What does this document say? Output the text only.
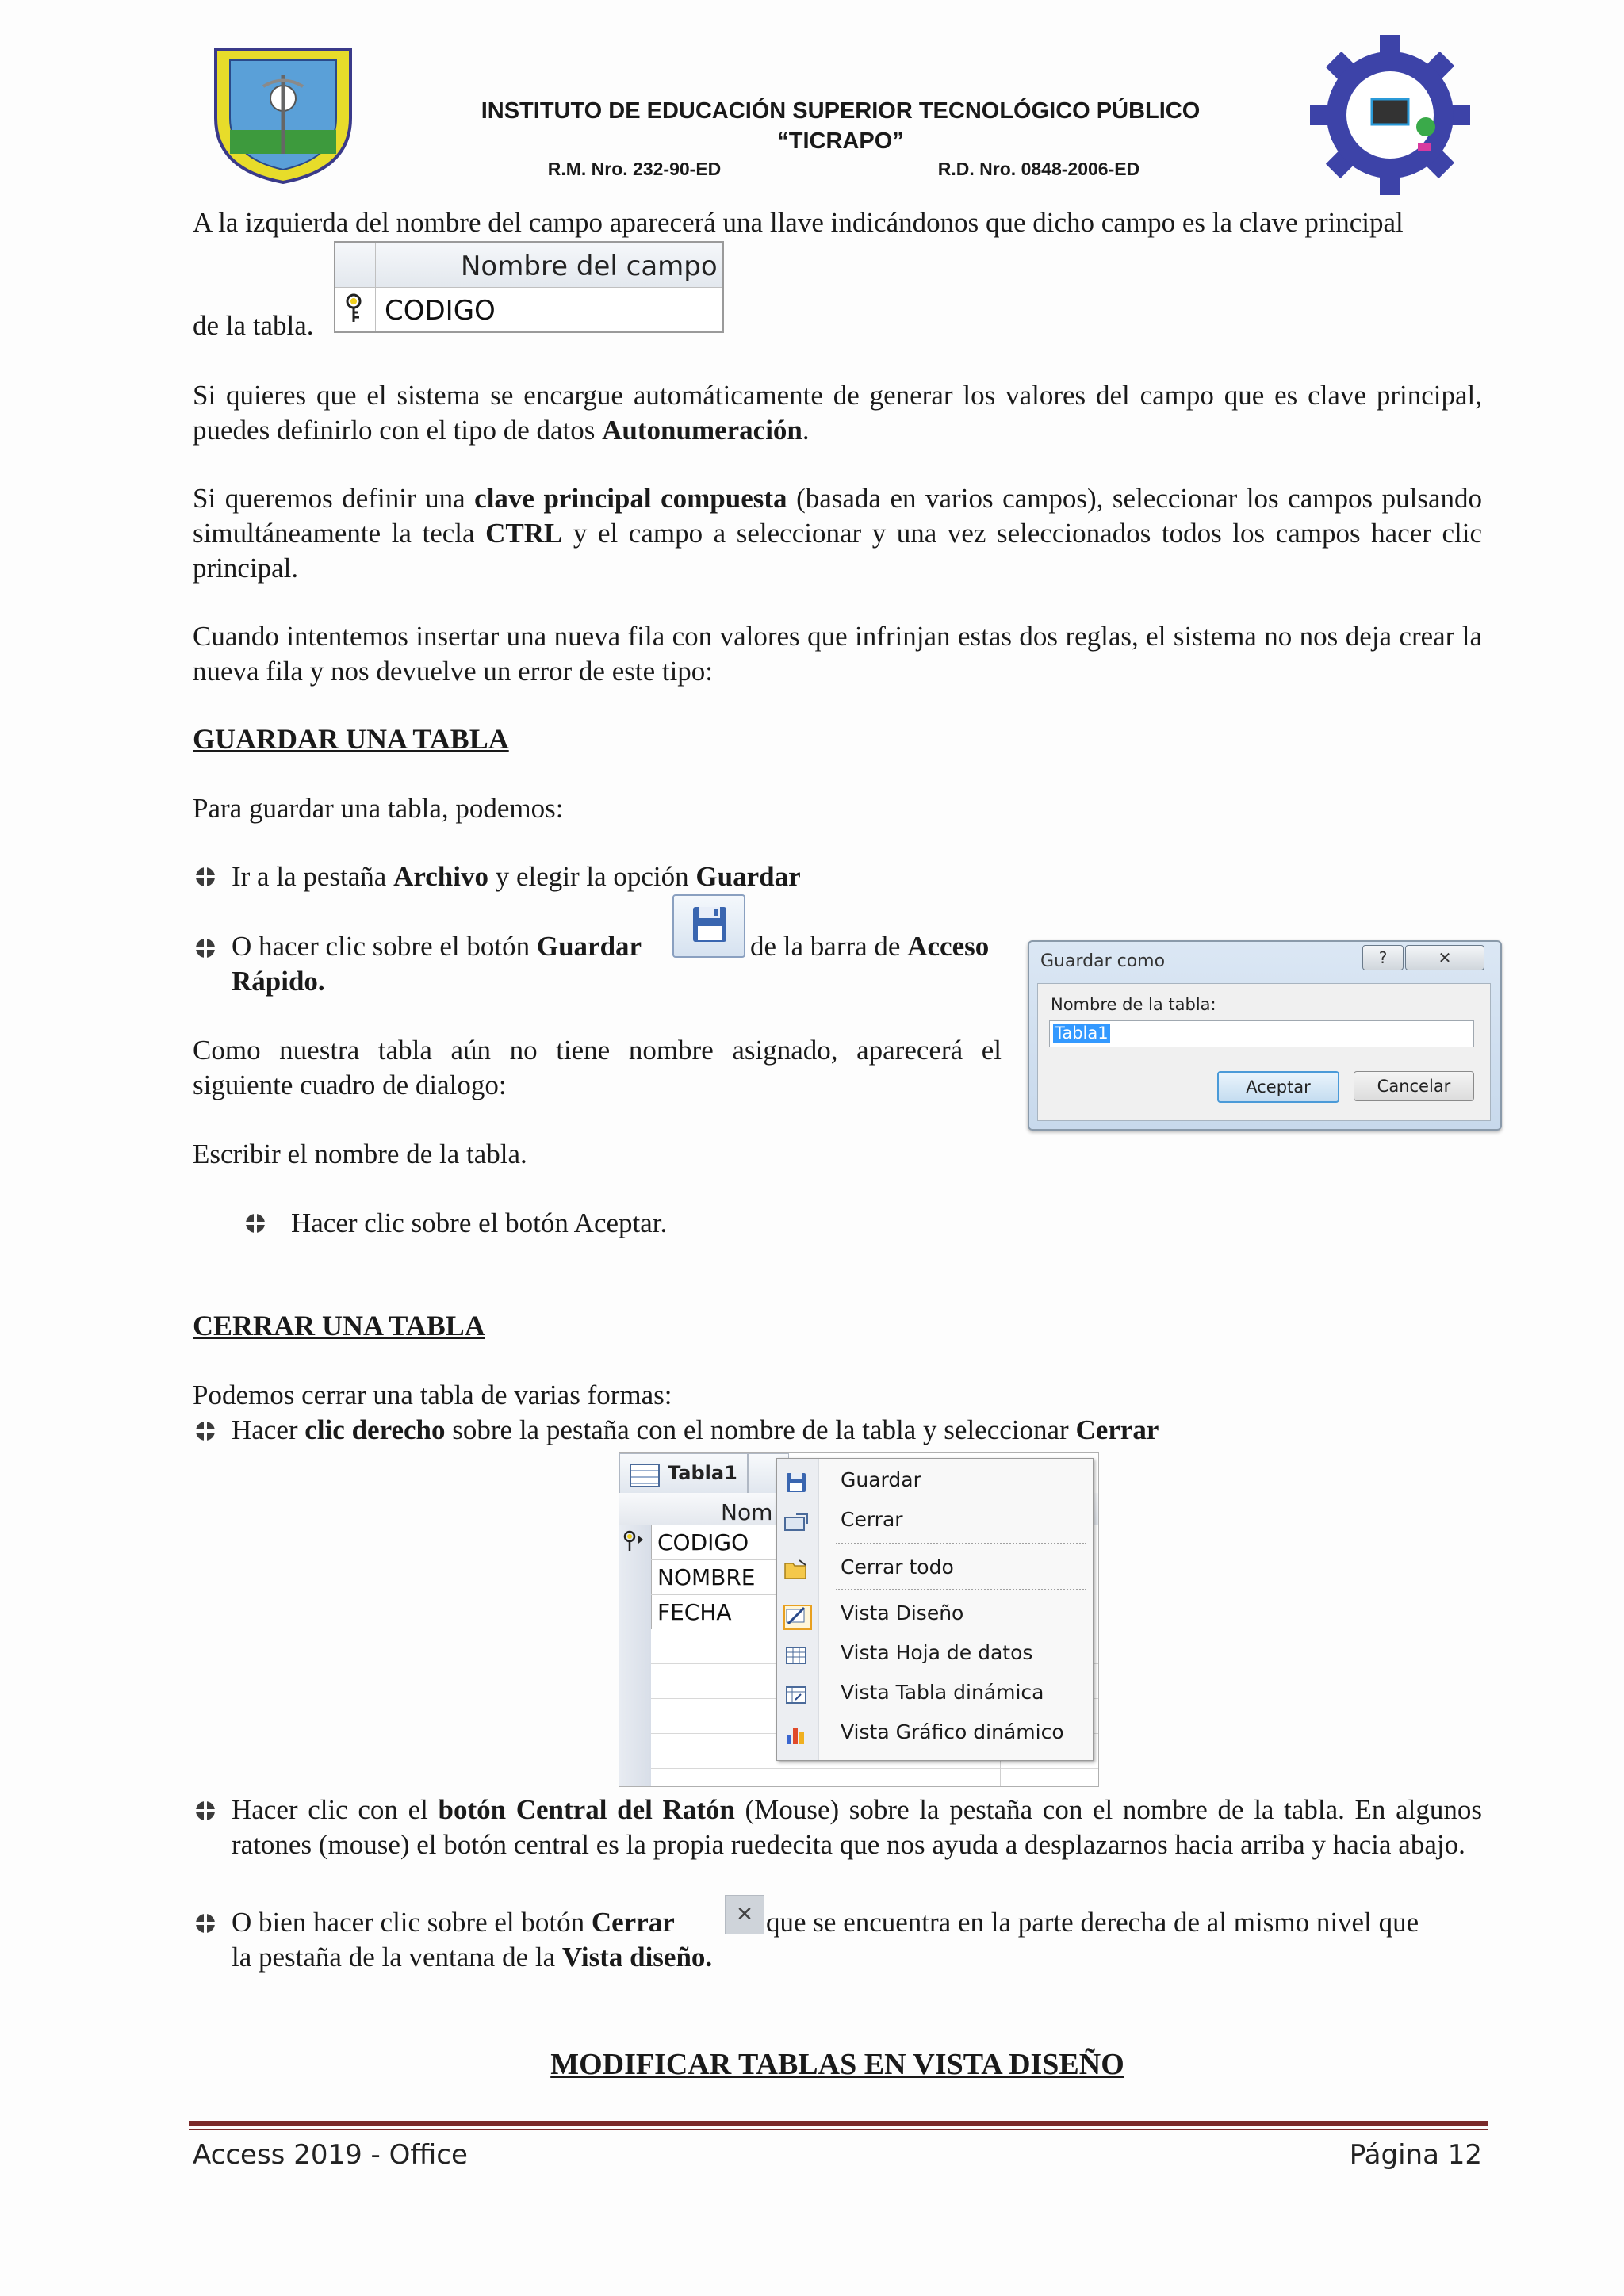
INSTITUTO DE EDUCACIÓN SUPERIOR TECNOLÓGICO PÚBLICO
“TICRAPO”
R.M. Nro. 232-90-ED	R.D. Nro. 0848-2006-ED
A la izquierda del nombre del campo aparecerá una llave indicándonos que dicho campo es la clave principal
de la tabla.
Nombre del campo
CODIGO
Si quieres que el sistema se encargue automáticamente de generar los valores del campo que es clave principal, puedes definirlo con el tipo de datos Autonumeración.
Si queremos definir una clave principal compuesta (basada en varios campos), seleccionar los campos pulsando simultáneamente la tecla CTRL y el campo a seleccionar y una vez seleccionados todos los campos hacer clic principal.
Cuando intentemos insertar una nueva fila con valores que infrinjan estas dos reglas, el sistema no nos deja crear la nueva fila y nos devuelve un error de este tipo:
GUARDAR UNA TABLA
Para guardar una tabla, podemos:
Ir a la pestaña Archivo y elegir la opción Guardar
O hacer clic sobre el botón Guardar	de la barra de Acceso
Rápido.
Como nuestra tabla aún no tiene nombre asignado, aparecerá el siguiente cuadro de dialogo:
Guardar como	?	✕
Nombre de la tabla:
Tabla1
Aceptar	Cancelar
Escribir el nombre de la tabla.
Hacer clic sobre el botón Aceptar.
CERRAR UNA TABLA
Podemos cerrar una tabla de varias formas:
Hacer clic derecho sobre la pestaña con el nombre de la tabla y seleccionar Cerrar
Tabla1
Nom
CODIGO
NOMBRE
FECHA
Guardar
Cerrar
Cerrar todo
Vista Diseño
Vista Hoja de datos
Vista Tabla dinámica
Vista Gráfico dinámico
Hacer clic con el botón Central del Ratón (Mouse) sobre la pestaña con el nombre de la tabla. En algunos ratones (mouse) el botón central es la propia ruedecita que nos ayuda a desplazarnos hacia arriba y hacia abajo.
O bien hacer clic sobre el botón Cerrar	✕ que se encuentra en la parte derecha de al mismo nivel que
la pestaña de la ventana de la Vista diseño.
MODIFICAR TABLAS EN VISTA DISEÑO
Access 2019 - Office	Página 12
